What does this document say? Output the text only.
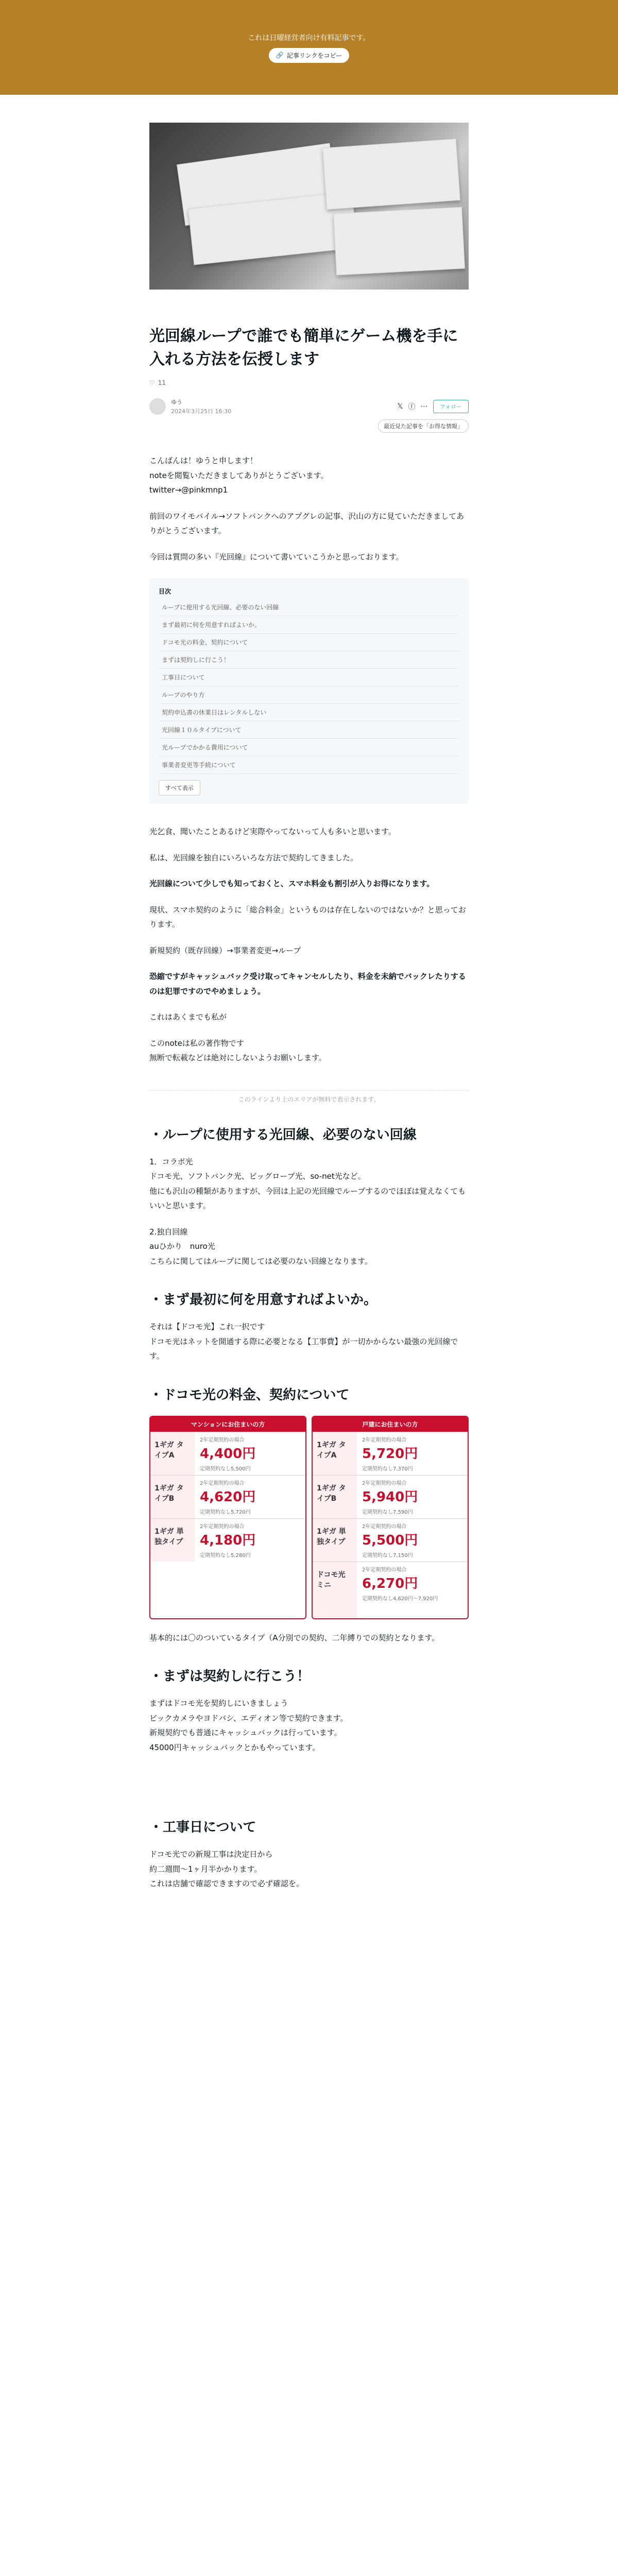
これは日曜経営者向け有料記事です。
🔗 記事リンクをコピー
光回線ループで誰でも簡単にゲーム機を手に入れる方法を伝授します
♡ 11
ゆう
2024年3月25日 16:30
𝕏 ⓕ ⋯	フォロー
最近見た記事を「お得な情報」
こんばんは！ゆうと申します！
noteを閲覧いただきましてありがとうございます。
twitter→@pinkmnp1
前回のワイモバイル→ソフトバンクへのアプグレの記事、沢山の方に見ていただきましてありがとうございます。
今回は質問の多い『光回線』について書いていこうかと思っております。
目次
ループに使用する光回線、必要のない回線
まず最初に何を用意すればよいか。
ドコモ光の料金、契約について
まずは契約しに行こう！
工事日について
ループのやり方
契約申込書の休業日はレンタルしない
光回線１０ルタイプについて
光ループでかかる費用について
事業者変更等手続について
すべて表示
光乞食、聞いたことあるけど実際やってないって人も多いと思います。
私は、光回線を独自にいろいろな方法で契約してきました。
光回線について少しでも知っておくと、スマホ料金も割引が入りお得になります。
現状、スマホ契約のように「総合料金」というものは存在しないのではないか？と思っております。
新規契約（既存回線）→事業者変更→ループ
恐縮ですがキャッシュバック受け取ってキャンセルしたり、料金を未納でバックレたりするのは犯罪ですのでやめましょう。
これはあくまでも私が
このnoteは私の著作物です
無断で転載などは絶対にしないようお願いします。
このラインより上のエリアが無料で表示されます。
・ループに使用する光回線、必要のない回線
1．コラボ光
ドコモ光、ソフトバンク光、ビッグローブ光、so-net光など。
他にも沢山の種類がありますが、今回は上記の光回線でループするのでほぼは覚えなくてもいいと思います。
2.独自回線
auひかり　nuro光
こちらに関してはループに関しては必要のない回線となります。
・まず最初に何を用意すればよいか。
それは【ドコモ光】これ一択です
ドコモ光はネットを開通する際に必要となる【工事費】が一切かからない最強の光回線です。
・ドコモ光の料金、契約について
マンションにお住まいの方
1ギガ タイプA
2年定期契約の場合
4,400円
定期契約なし5,500円
1ギガ タイプB
2年定期契約の場合
4,620円
定期契約なし5,720円
1ギガ 単独タイプ
2年定期契約の場合
4,180円
定期契約なし5,280円
戸建にお住まいの方
1ギガ タイプA
2年定期契約の場合
5,720円
定期契約なし7,370円
1ギガ タイプB
2年定期契約の場合
5,940円
定期契約なし7,590円
1ギガ 単独タイプ
2年定期契約の場合
5,500円
定期契約なし7,150円
ドコモ光 ミニ
2年定期契約の場合
6,270円
定期契約なし4,620円〜7,920円
基本的には〇のついているタイプ（A分別での契約、二年縛りでの契約となります。
・まずは契約しに行こう！
まずはドコモ光を契約しにいきましょう
ビックカメラやヨドバシ、エディオン等で契約できます。
新規契約でも普通にキャッシュバックは行っています。
45000円キャッシュバックとかもやっています。
・工事日について
ドコモ光での新規工事は決定日から
約二週間〜1ヶ月半かかります。
これは店舗で確認できますので必ず確認を。
